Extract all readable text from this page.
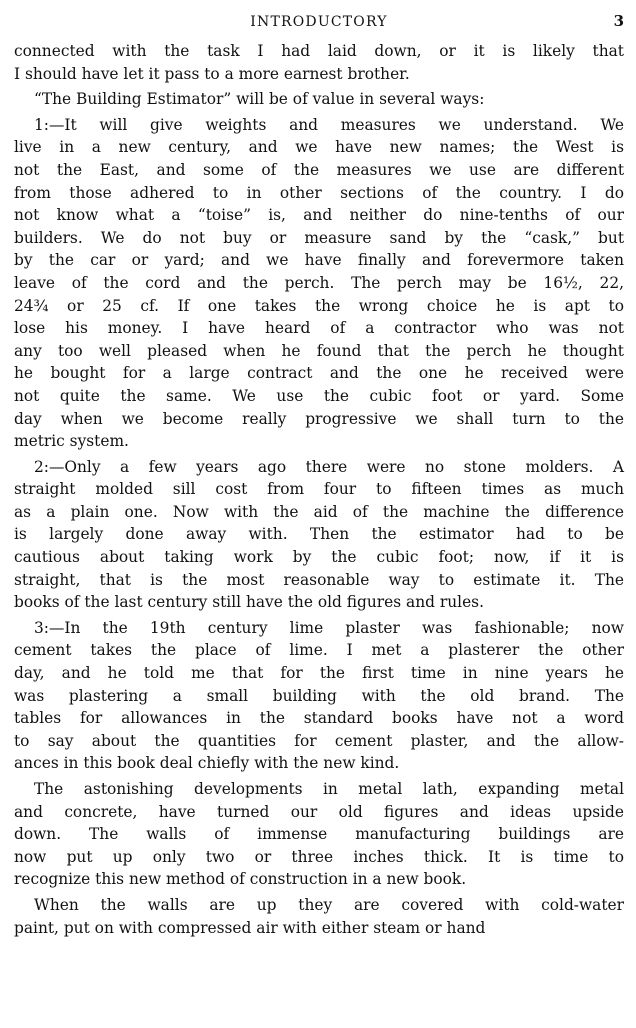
INTRODUCTORY	3
connected with the task I had laid down, or it is likely that
I should have let it pass to a more earnest brother.
“The Building Estimator” will be of value in several ways:
1:—It will give weights and measures we understand. We
live in a new century, and we have new names; the West is
not the East, and some of the measures we use are different
from those adhered to in other sections of the country. I do
not know what a “toise” is, and neither do nine-tenths of our
builders. We do not buy or measure sand by the “cask,” but
by the car or yard; and we have finally and forevermore taken
leave of the cord and the perch. The perch may be 16½, 22,
24¾ or 25 cf. If one takes the wrong choice he is apt to
lose his money. I have heard of a contractor who was not
any too well pleased when he found that the perch he thought
he bought for a large contract and the one he received were
not quite the same. We use the cubic foot or yard. Some
day when we become really progressive we shall turn to the
metric system.
2:—Only a few years ago there were no stone molders. A
straight molded sill cost from four to fifteen times as much
as a plain one. Now with the aid of the machine the difference
is largely done away with. Then the estimator had to be
cautious about taking work by the cubic foot; now, if it is
straight, that is the most reasonable way to estimate it. The
books of the last century still have the old figures and rules.
3:—In the 19th century lime plaster was fashionable; now
cement takes the place of lime. I met a plasterer the other
day, and he told me that for the first time in nine years he
was plastering a small building with the old brand. The
tables for allowances in the standard books have not a word
to say about the quantities for cement plaster, and the allow-
ances in this book deal chiefly with the new kind.
The astonishing developments in metal lath, expanding metal
and concrete, have turned our old figures and ideas upside
down. The walls of immense manufacturing buildings are
now put up only two or three inches thick. It is time to
recognize this new method of construction in a new book.
When the walls are up they are covered with cold-water
paint, put on with compressed air with either steam or hand
